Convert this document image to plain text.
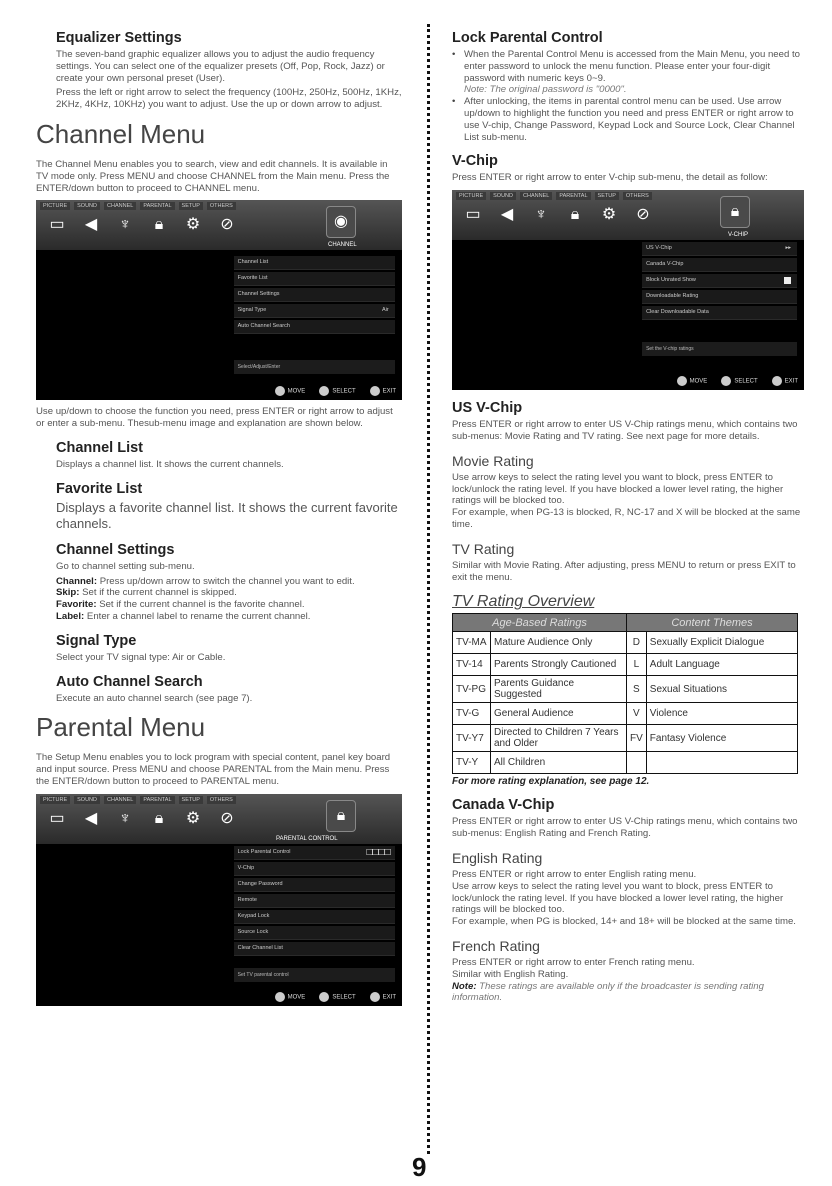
Equalizer Settings

The seven-band graphic equalizer allows you to adjust the audio frequency settings. You can select one of the equalizer presets (Off, Pop, Rock, Jazz) or create your own personal preset (User).

Press the left or right arrow to select the frequency (100Hz, 250Hz, 500Hz, 1KHz, 2KHz, 4KHz, 10KHz) you want to adjust. Use the up or down arrow to adjust.

Channel Menu

The Channel Menu enables you to search, view and edit channels. It is available in TV mode only. Press MENU and choose CHANNEL from the Main menu. Press the ENTER/down button to proceed to CHANNEL menu.

PICTURE	SOUND	CHANNEL	PARENTAL	SETUP	OTHERS
▭	◀	♆	🔒︎	⚙ ⊘	◉
CHANNEL
Channel List
Favorite List
Channel Settings
Signal Type	Air
Auto Channel Search
Select/Adjust/Enter
MOVE	SELECT	EXIT

Use up/down to choose the function you need, press ENTER or right arrow to adjust or enter a sub-menu. Thesub-menu image and explanation are shown below.

Channel List

Displays a channel list. It shows the current channels.

Favorite List

Displays a favorite channel list. It shows the current favorite channels.

Channel Settings

Go to channel setting sub-menu.

Channel: Press up/down arrow to switch the channel you want to edit.

Skip: Set if the current channel is skipped.

Favorite: Set if the current channel is the favorite channel.

Label: Enter a channel label to rename the current channel.

Signal Type

Select your TV signal type: Air or Cable.

Auto Channel Search

Execute an auto channel search (see page 7).

Parental Menu

The Setup Menu enables you to lock program with special content, panel key board and input source. Press MENU and choose PARENTAL from the Main menu. Press the ENTER/down button to proceed to PARENTAL menu.

PICTURE	SOUND	CHANNEL	PARENTAL	SETUP	OTHERS
▭	◀	♆	🔒︎	⚙ ⊘	🔒︎
PARENTAL CONTROL
Lock Parental Control	□□□□
V-Chip
Change Password
Remote
Keypad Lock
Source Lock
Clear Channel List
Set TV parental control
MOVE	SELECT	EXIT
Lock Parental Control
• When the Parental Control Menu is accessed from the Main Menu, you need to enter password to unlock the menu function. Please enter your four-digit password with numeric keys 0~9.
Note: The original password is "0000".
• After unlocking, the items in parental control menu can be used. Use arrow up/down to highlight the function you need and press ENTER or right arrow to use V-chip, Change Password, Keypad Lock and Source Lock, Clear Channel List sub-menu.
V-Chip

Press ENTER or right arrow to enter V-chip sub-menu, the detail as follow:

PICTURE	SOUND	CHANNEL	PARENTAL	SETUP	OTHERS
▭	◀	♆	🔒︎	⚙ ⊘	🔒︎
V-CHIP
US V-Chip	▸▸
Canada V-Chip
Block Unrated Show
Downloadable Rating
Clear Downloadable Data
Set the V-chip ratings
MOVE	SELECT	EXIT
US V-Chip

Press ENTER or right arrow to enter US V-Chip ratings menu, which contains two sub-menus: Movie Rating and TV rating. See next page for more details.

Movie Rating

Use arrow keys to select the rating level you want to block, press ENTER to lock/unlock the rating level. If you have blocked a lower level rating, the higher ratings will be blocked too.

For example, when PG-13 is blocked, R, NC-17 and X will be blocked at the same time.

TV Rating

Similar with Movie Rating. After adjusting, press MENU to return or press EXIT to exit the menu.

TV Rating Overview
Age-Based Ratings		Content Themes	
TV-MA	Mature Audience Only	D	Sexually Explicit Dialogue
TV-14	Parents Strongly Cautioned	L	Adult Language
TV-PG	Parents Guidance Suggested	S	Sexual Situations
TV-G	General Audience	V	Violence
TV-Y7	Directed to Children 7 Years and Older	FV	Fantasy Violence
TV-Y	All Children		
For more rating explanation, see page 12.
Canada V-Chip

Press ENTER or right arrow to enter US V-Chip ratings menu, which contains two sub-menus: English Rating and French Rating.

English Rating

Press ENTER or right arrow to enter English rating menu.

Use arrow keys to select the rating level you want to block, press ENTER to lock/unlock the rating level. If you have blocked a lower level rating, the higher ratings will be blocked too.

For example, when PG is blocked, 14+ and 18+ will be blocked at the same time.

French Rating

Press ENTER or right arrow to enter French rating menu.

Similar with English Rating.

Note: These ratings are available only if the broadcaster is sending rating information.

9
